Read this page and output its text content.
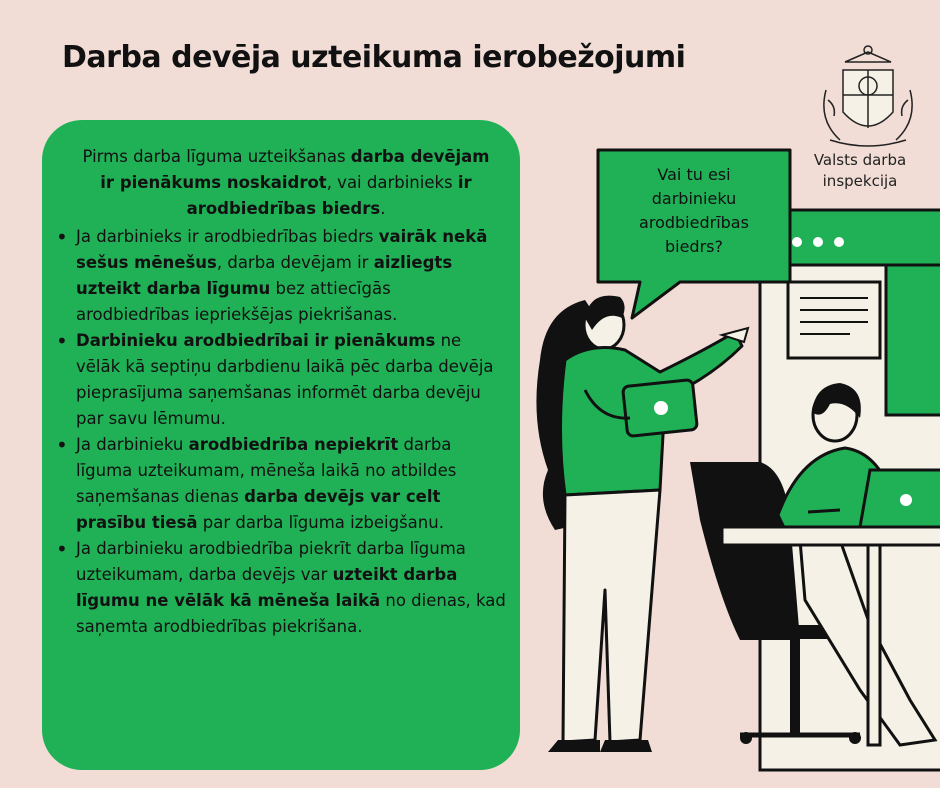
Darba devēja uzteikuma ierobežojumi
Vai tu esi
darbinieku
arodbiedrības
biedrs?
Valsts darba
inspekcija
Pirms darba līguma uzteikšanas darba devējam ir pienākums noskaidrot, vai darbinieks ir arodbiedrības biedrs.
• Ja darbinieks ir arodbiedrības biedrs vairāk nekā sešus mēnešus, darba devējam ir aizliegts uzteikt darba līgumu bez attiecīgās arodbiedrības iepriekšējas piekrišanas.
• Darbinieku arodbiedrībai ir pienākums ne vēlāk kā septiņu darbdienu laikā pēc darba devēja pieprasījuma saņemšanas informēt darba devēju par savu lēmumu.
• Ja darbinieku arodbiedrība nepiekrīt darba līguma uzteikumam, mēneša laikā no atbildes saņemšanas dienas darba devējs var celt prasību tiesā par darba līguma izbeigšanu.
• Ja darbinieku arodbiedrība piekrīt darba līguma uzteikumam, darba devējs var uzteikt darba līgumu ne vēlāk kā mēneša laikā no dienas, kad saņemta arodbiedrības piekrišana.
